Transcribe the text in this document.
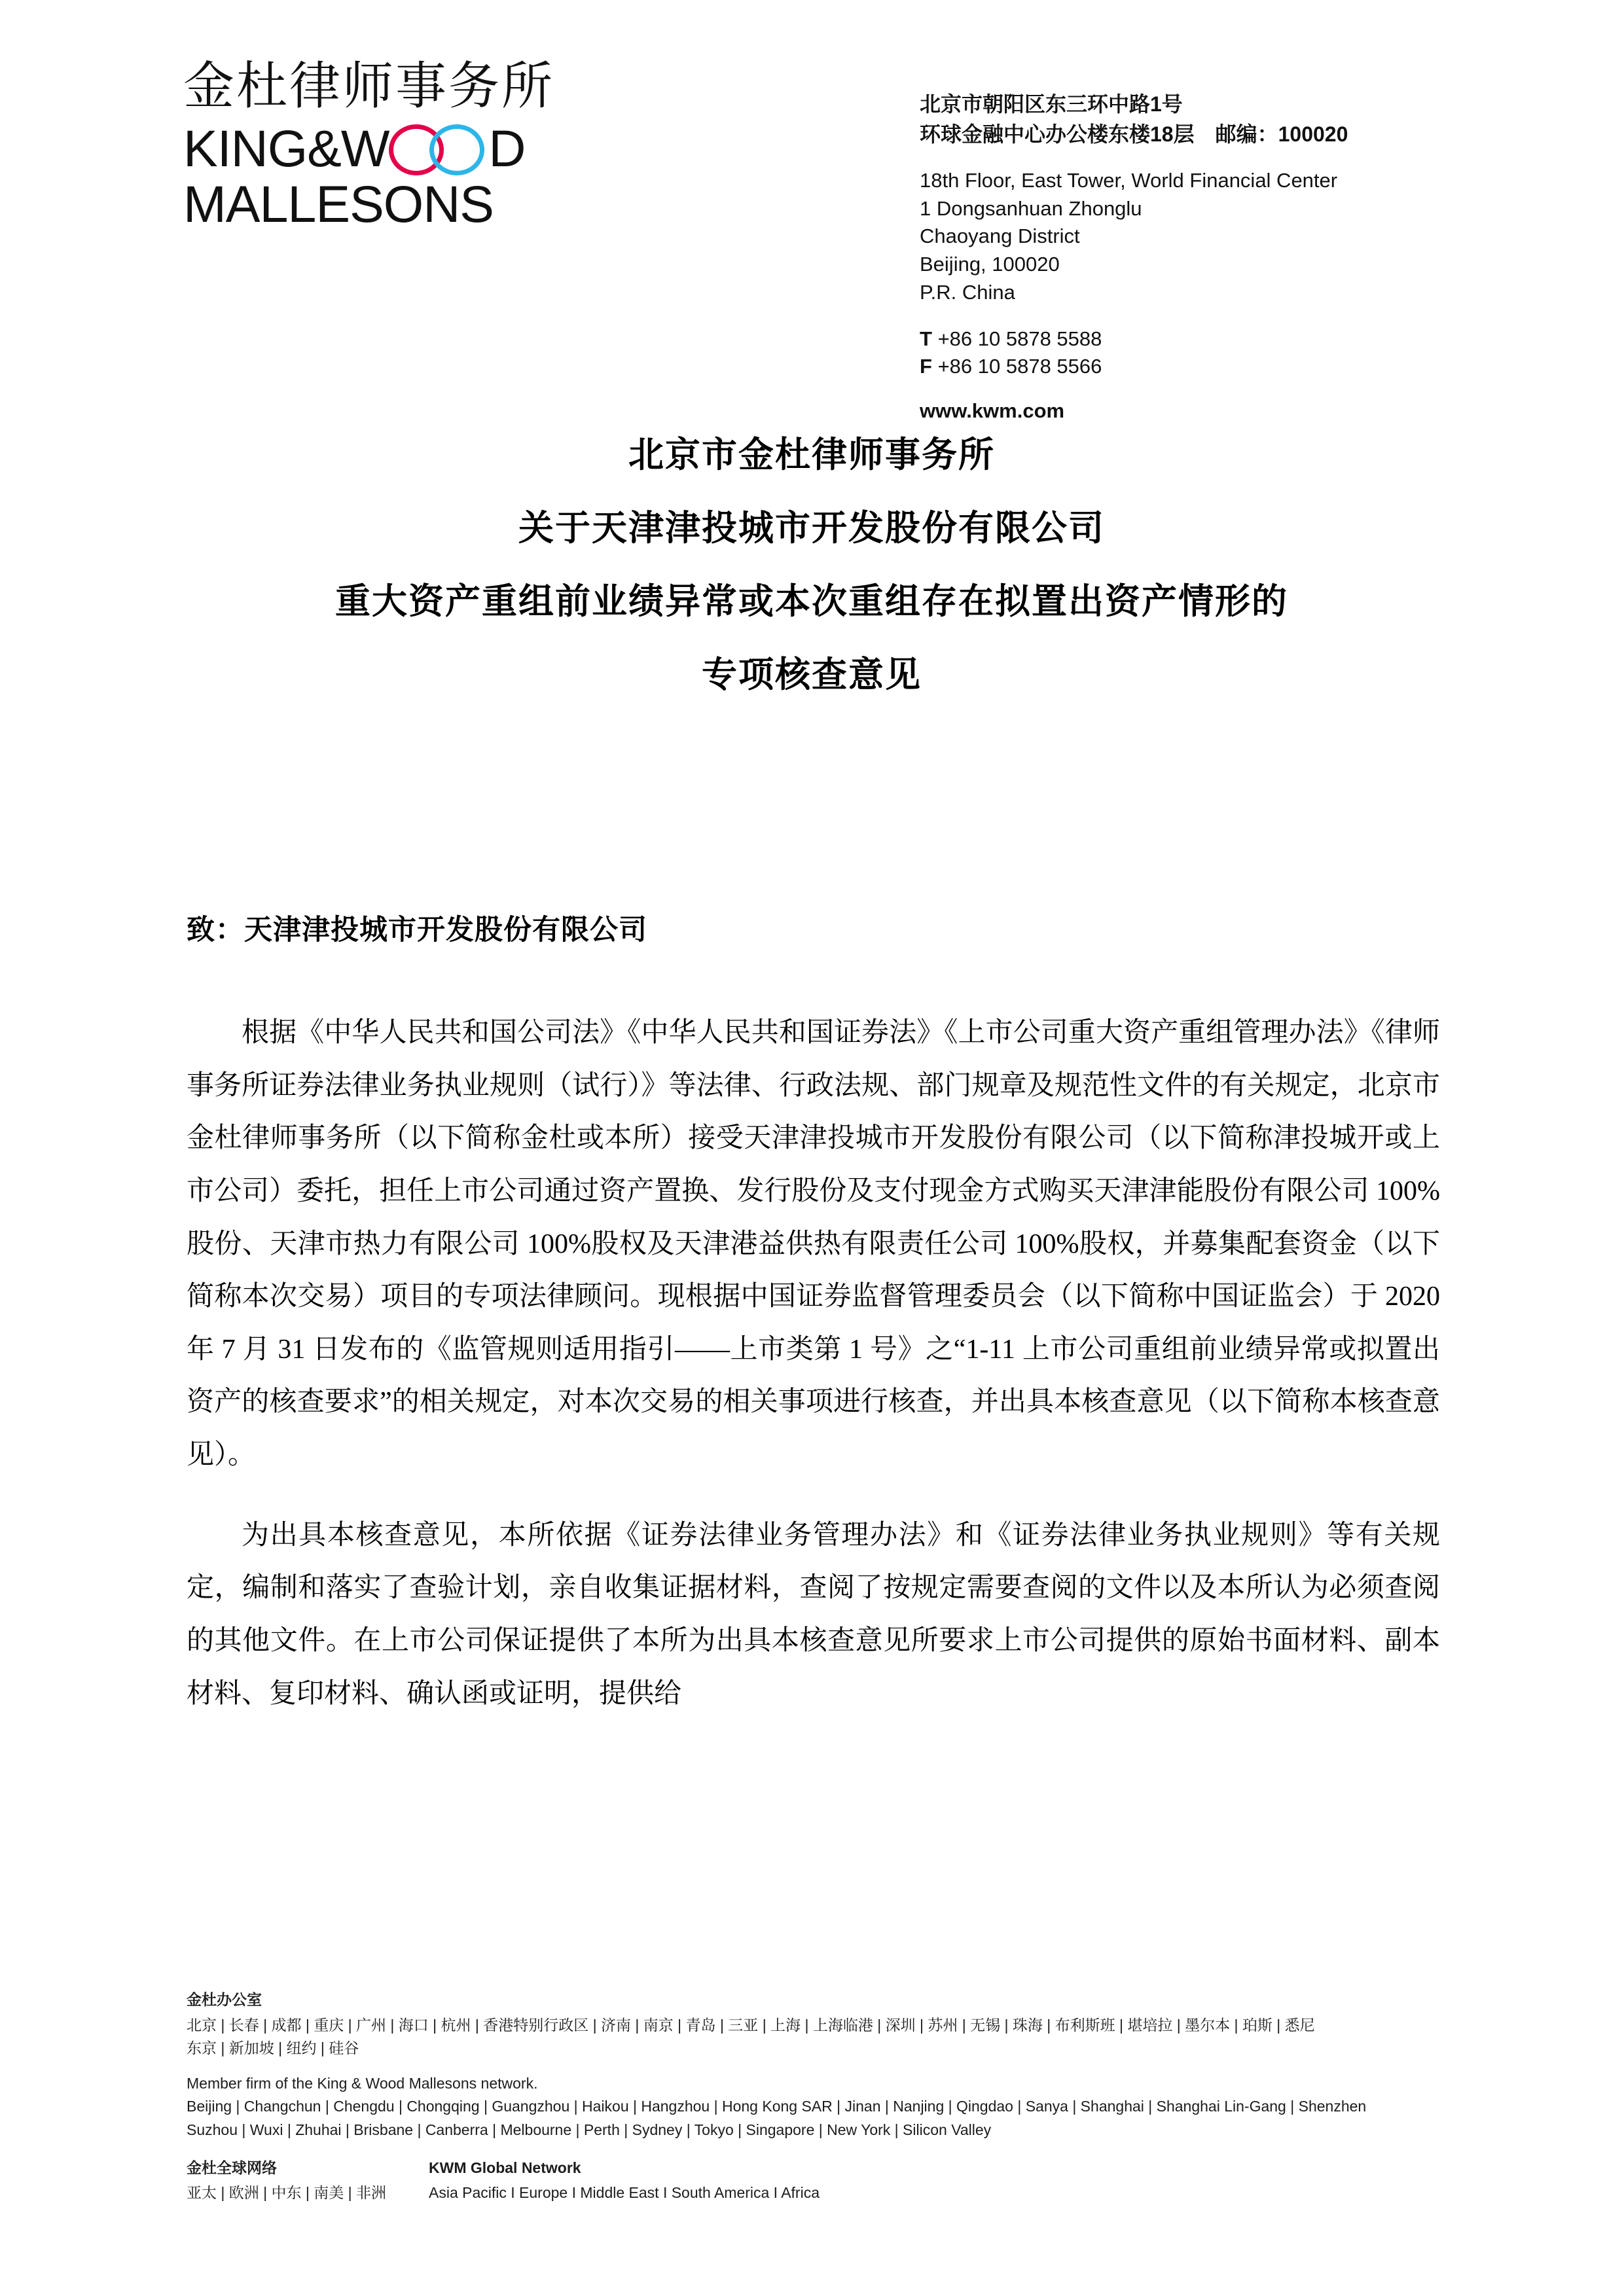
金杜律师事务所
KING&W D
MALLESONS
北京市朝阳区东三环中路1号
环球金融中心办公楼东楼18层　邮编：100020
18th Floor, East Tower, World Financial Center
1 Dongsanhuan Zhonglu
Chaoyang District
Beijing, 100020
P.R. China
T +86 10 5878 5588
F +86 10 5878 5566
www.kwm.com
北京市金杜律师事务所
关于天津津投城市开发股份有限公司
重大资产重组前业绩异常或本次重组存在拟置出资产情形的
专项核查意见
致：天津津投城市开发股份有限公司

根据《中华人民共和国公司法》《中华人民共和国证券法》《上市公司重大资产重组管理办法》《律师事务所证券法律业务执业规则（试行）》等法律、行政法规、部门规章及规范性文件的有关规定，北京市金杜律师事务所（以下简称金杜或本所）接受天津津投城市开发股份有限公司（以下简称津投城开或上市公司）委托，担任上市公司通过资产置换、发行股份及支付现金方式购买天津津能股份有限公司 100%股份、天津市热力有限公司 100%股权及天津港益供热有限责任公司 100%股权，并募集配套资金（以下简称本次交易）项目的专项法律顾问。现根据中国证券监督管理委员会（以下简称中国证监会）于 2020 年 7 月 31 日发布的《监管规则适用指引——上市类第 1 号》之“1-11 上市公司重组前业绩异常或拟置出资产的核查要求”的相关规定，对本次交易的相关事项进行核查，并出具本核查意见（以下简称本核查意见）。

为出具本核查意见，本所依据《证券法律业务管理办法》和《证券法律业务执业规则》等有关规定，编制和落实了查验计划，亲自收集证据材料，查阅了按规定需要查阅的文件以及本所认为必须查阅的其他文件。在上市公司保证提供了本所为出具本核查意见所要求上市公司提供的原始书面材料、副本材料、复印材料、确认函或证明，提供给

金杜办公室
北京 | 长春 | 成都 | 重庆 | 广州 | 海口 | 杭州 | 香港特别行政区 | 济南 | 南京 | 青岛 | 三亚 | 上海 | 上海临港 | 深圳 | 苏州 | 无锡 | 珠海 | 布利斯班 | 堪培拉 | 墨尔本 | 珀斯 | 悉尼
东京 | 新加坡 | 纽约 | 硅谷
Member firm of the King & Wood Mallesons network.
Beijing | Changchun | Chengdu | Chongqing | Guangzhou | Haikou | Hangzhou | Hong Kong SAR | Jinan | Nanjing | Qingdao | Sanya | Shanghai | Shanghai Lin-Gang | Shenzhen
Suzhou | Wuxi | Zhuhai | Brisbane | Canberra | Melbourne | Perth | Sydney | Tokyo | Singapore | New York | Silicon Valley
金杜全球网络
亚太 | 欧洲 | 中东 | 南美 | 非洲
KWM Global Network
Asia Pacific I Europe I Middle East I South America I Africa
